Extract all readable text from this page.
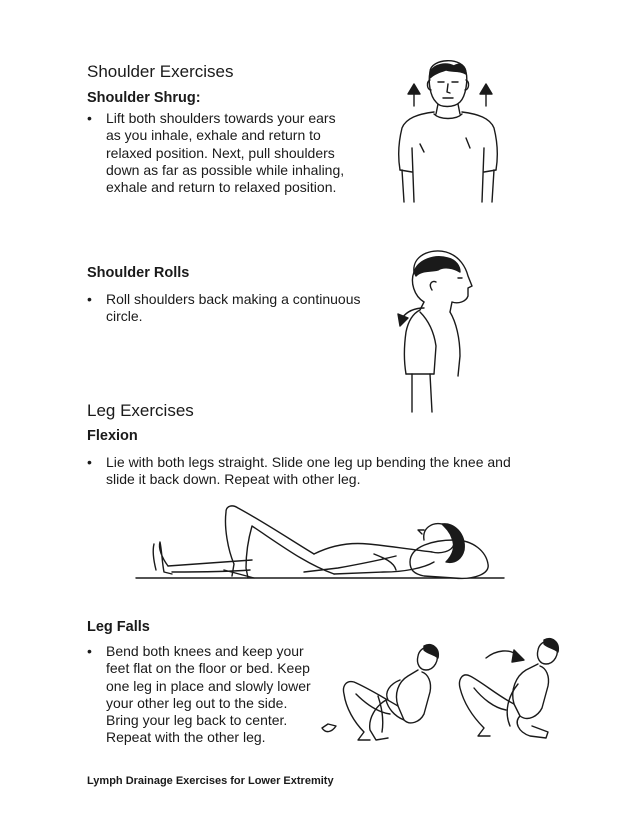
Shoulder Exercises
Shoulder Shrug:
• Lift both shoulders towards your ears
as you inhale, exhale and return to
relaxed position. Next, pull shoulders
down as far as possible while inhaling,
exhale and return to relaxed position.
Shoulder Rolls
• Roll shoulders back making a continuous
circle.
Leg Exercises
Flexion
• Lie with both legs straight. Slide one leg up bending the knee and
slide it back down. Repeat with other leg.
Leg Falls
• Bend both knees and keep your
feet flat on the floor or bed. Keep
one leg in place and slowly lower
your other leg out to the side.
Bring your leg back to center.
Repeat with the other leg.
Lymph Drainage Exercises for Lower Extremity
